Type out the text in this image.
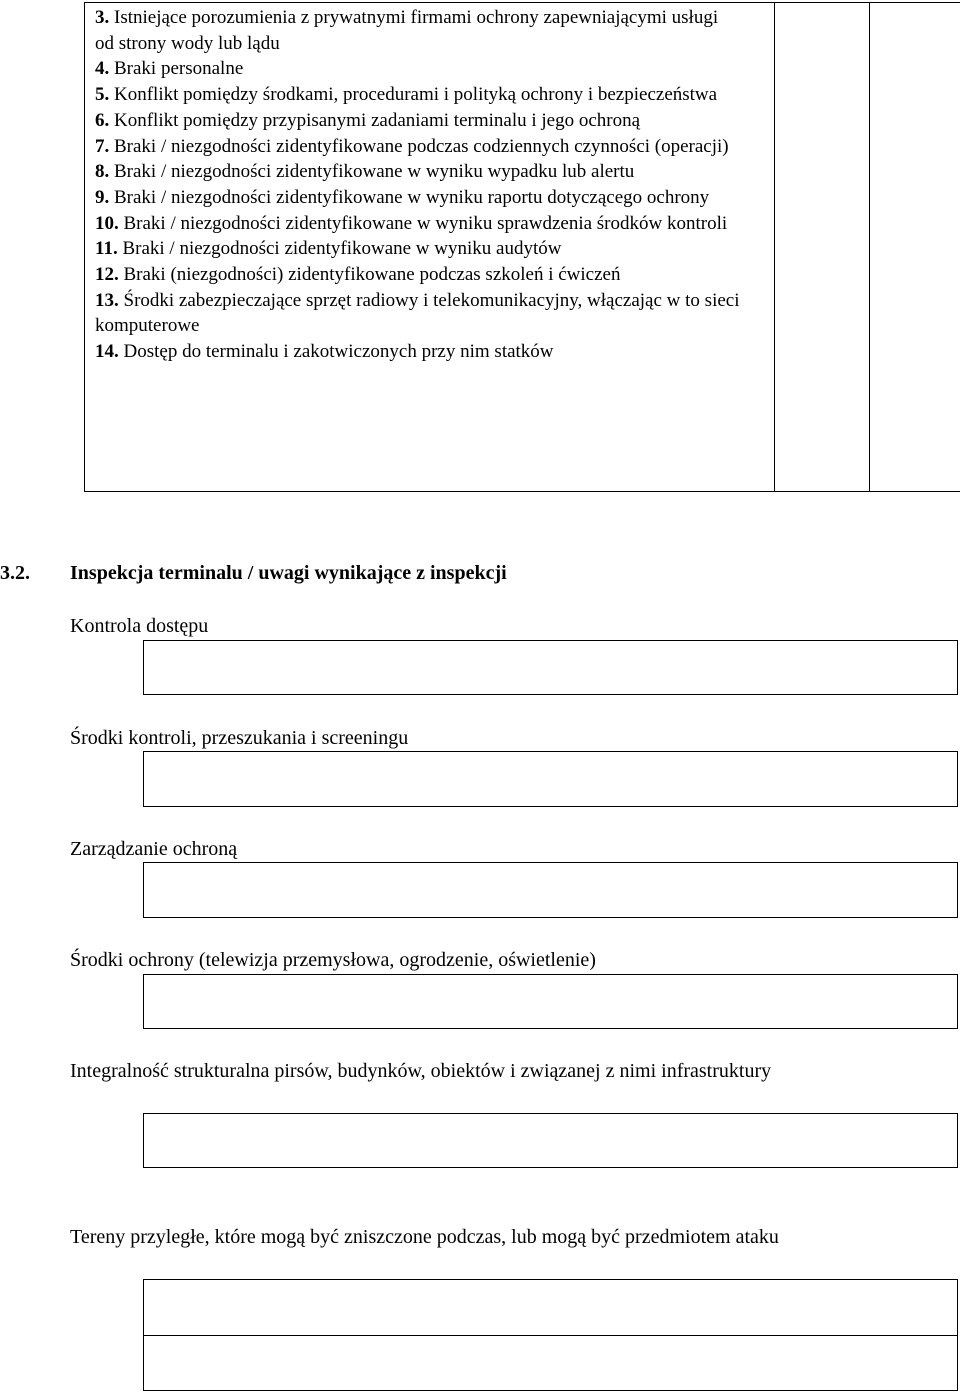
3. Istniejące porozumienia z prywatnymi firmami ochrony zapewniającymi usługi od strony wody lub lądu
4. Braki personalne
5. Konflikt pomiędzy środkami, procedurami i polityką ochrony i bezpieczeństwa
6. Konflikt pomiędzy przypisanymi zadaniami terminalu i jego ochroną
7. Braki / niezgodności zidentyfikowane podczas codziennych czynności (operacji)
8. Braki / niezgodności zidentyfikowane w wyniku wypadku lub alertu
9. Braki / niezgodności zidentyfikowane w wyniku raportu dotyczącego ochrony
10. Braki / niezgodności zidentyfikowane w wyniku sprawdzenia środków kontroli
11. Braki / niezgodności zidentyfikowane w wyniku audytów
12. Braki (niezgodności) zidentyfikowane podczas szkoleń i ćwiczeń
13. Środki zabezpieczające sprzęt radiowy i telekomunikacyjny, włączając w to sieci komputerowe
14. Dostęp do terminalu i zakotwiczonych przy nim statków

3.2. Inspekcja terminalu / uwagi wynikające z inspekcji
Kontrola dostępu
Środki kontroli, przeszukania i screeningu
Zarządzanie ochroną
Środki ochrony (telewizja przemysłowa, ogrodzenie, oświetlenie)
Integralność strukturalna pirsów, budynków, obiektów i związanej z nimi infrastruktury
Tereny przyległe, które mogą być zniszczone podczas, lub mogą być przedmiotem ataku
